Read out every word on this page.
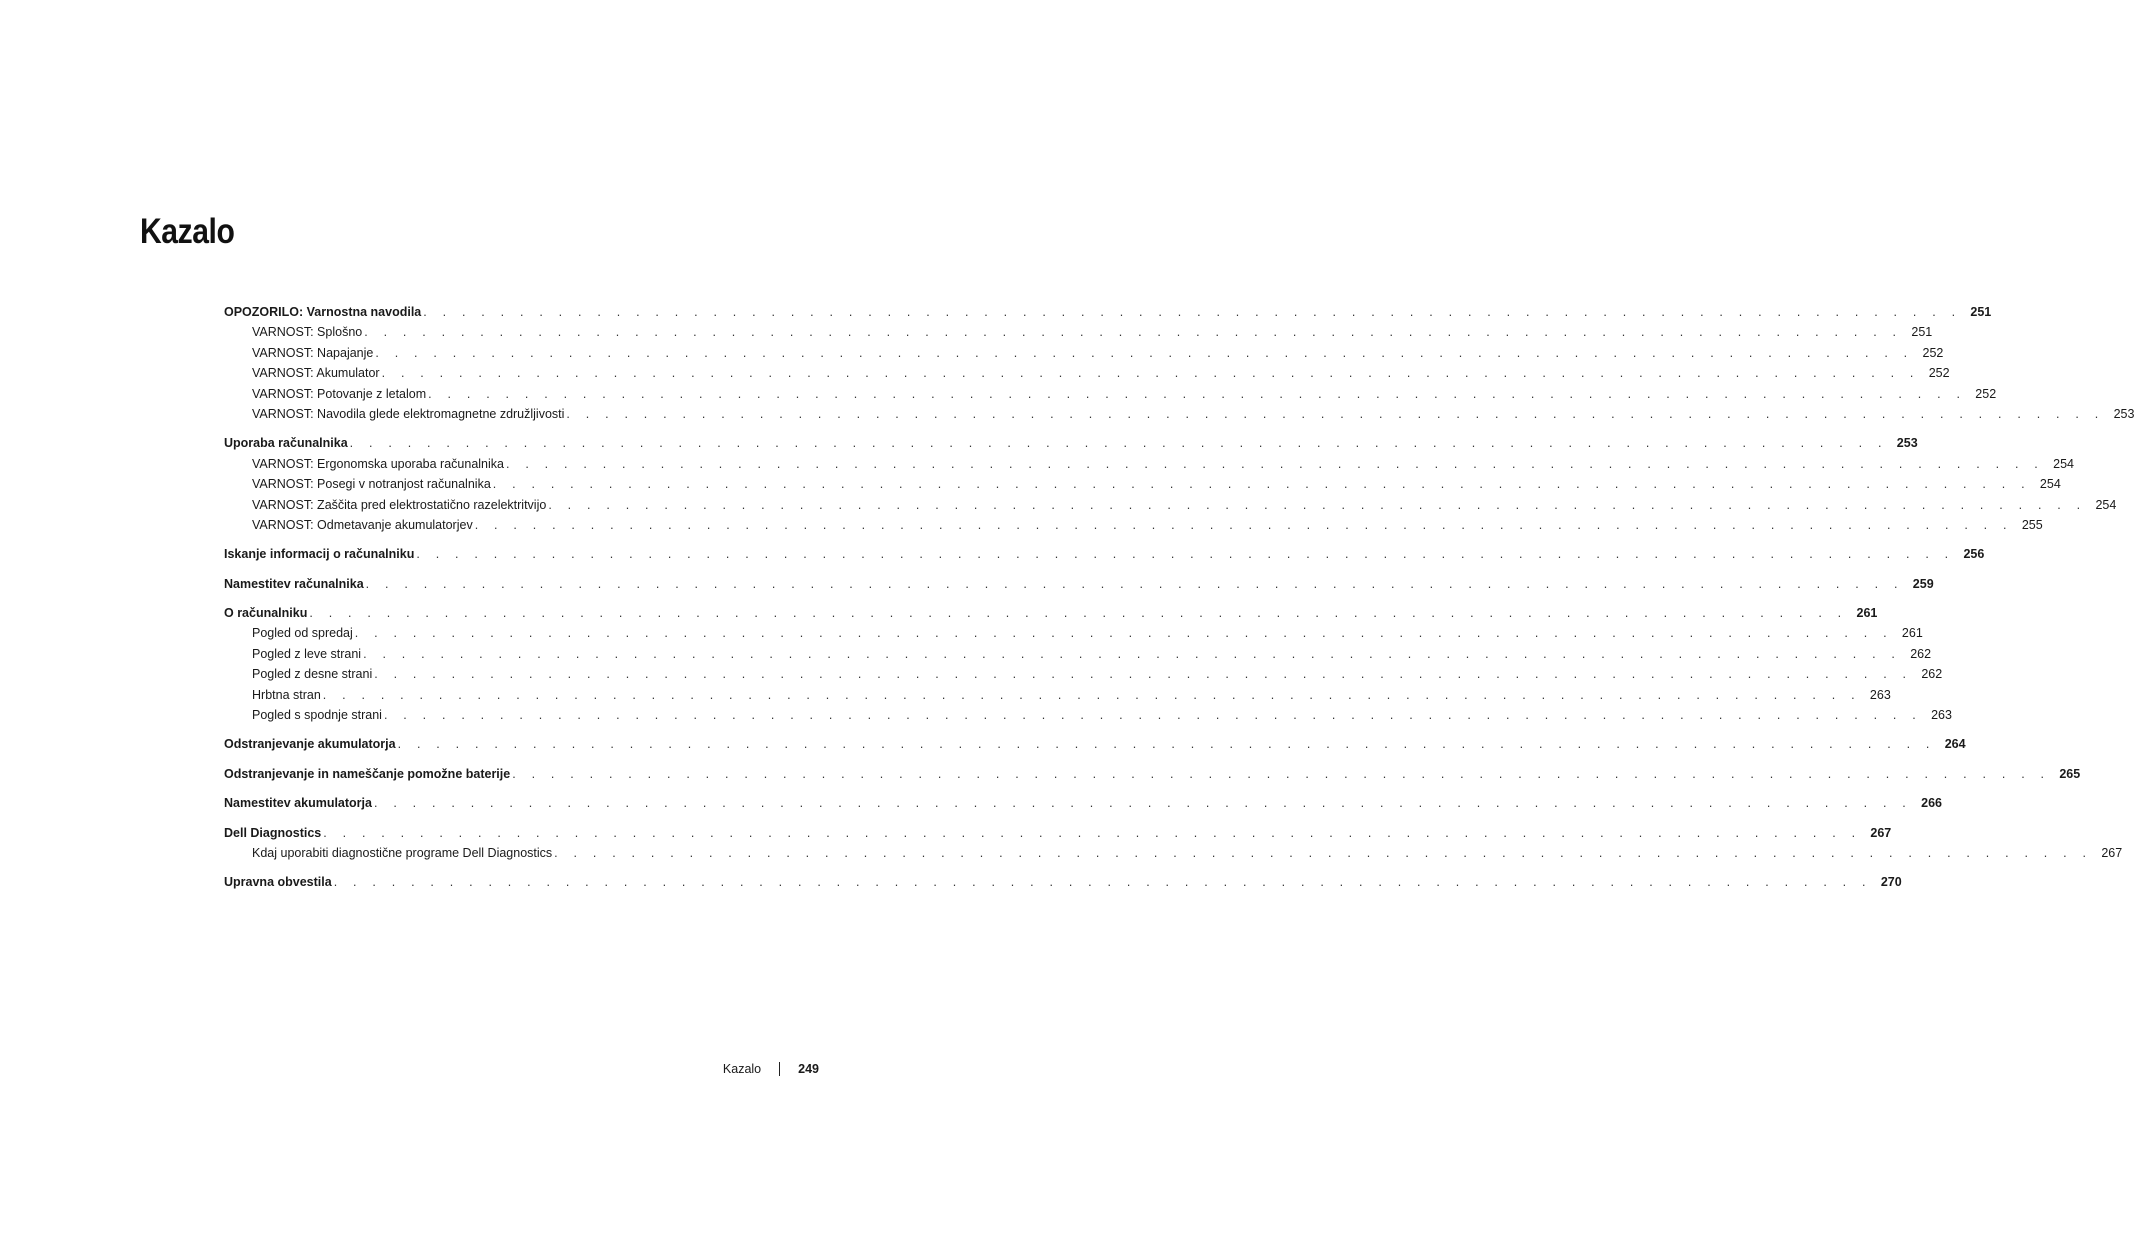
Kazalo
OPOZORILO: Varnostna navodila . . . . . . . . . . . . . . . . . . . . . . . . . . . . . . . . . . . . . . . . . . . . . . . . . . . . . . . . . . . . . . . . . . . . . . . . . . . . . . . . 251
VARNOST: Splošno . . . . . . . . . . . . . . . . . . . . . . . . . . . . . . . . . . . . . . . . . . . . . . . . . . . . . . . . . . . . . . . . . . . . . . . . . . . . . . . . 251
VARNOST: Napajanje . . . . . . . . . . . . . . . . . . . . . . . . . . . . . . . . . . . . . . . . . . . . . . . . . . . . . . . . . . . . . . . . . . . . . . . . . . . . . . . . 252
VARNOST: Akumulator . . . . . . . . . . . . . . . . . . . . . . . . . . . . . . . . . . . . . . . . . . . . . . . . . . . . . . . . . . . . . . . . . . . . . . . . . . . . . . . . 252
VARNOST: Potovanje z letalom . . . . . . . . . . . . . . . . . . . . . . . . . . . . . . . . . . . . . . . . . . . . . . . . . . . . . . . . . . . . . . . . . . . . . . . . . . . . . . . . 252
VARNOST: Navodila glede elektromagnetne združljivosti . . . . . . . . . . . . . . . . . . . . . . . . . . . . . . . . . . . . . . . . . . . . . . . . . . . . . . . . . . . . . . . . . . . . . . . . . . . . . . . . 253
Uporaba računalnika . . . . . . . . . . . . . . . . . . . . . . . . . . . . . . . . . . . . . . . . . . . . . . . . . . . . . . . . . . . . . . . . . . . . . . . . . . . . . . . . 253
VARNOST: Ergonomska uporaba računalnika . . . . . . . . . . . . . . . . . . . . . . . . . . . . . . . . . . . . . . . . . . . . . . . . . . . . . . . . . . . . . . . . . . . . . . . . . . . . . . . . 254
VARNOST: Posegi v notranjost računalnika . . . . . . . . . . . . . . . . . . . . . . . . . . . . . . . . . . . . . . . . . . . . . . . . . . . . . . . . . . . . . . . . . . . . . . . . . . . . . . . . 254
VARNOST: Zaščita pred elektrostatično razelektritvijo . . . . . . . . . . . . . . . . . . . . . . . . . . . . . . . . . . . . . . . . . . . . . . . . . . . . . . . . . . . . . . . . . . . . . . . . . . . . . . . . 254
VARNOST: Odmetavanje akumulatorjev . . . . . . . . . . . . . . . . . . . . . . . . . . . . . . . . . . . . . . . . . . . . . . . . . . . . . . . . . . . . . . . . . . . . . . . . . . . . . . . . 255
Iskanje informacij o računalniku . . . . . . . . . . . . . . . . . . . . . . . . . . . . . . . . . . . . . . . . . . . . . . . . . . . . . . . . . . . . . . . . . . . . . . . . . . . . . . . . 256
Namestitev računalnika . . . . . . . . . . . . . . . . . . . . . . . . . . . . . . . . . . . . . . . . . . . . . . . . . . . . . . . . . . . . . . . . . . . . . . . . . . . . . . . . 259
O računalniku . . . . . . . . . . . . . . . . . . . . . . . . . . . . . . . . . . . . . . . . . . . . . . . . . . . . . . . . . . . . . . . . . . . . . . . . . . . . . . . . 261
Pogled od spredaj . . . . . . . . . . . . . . . . . . . . . . . . . . . . . . . . . . . . . . . . . . . . . . . . . . . . . . . . . . . . . . . . . . . . . . . . . . . . . . . . 261
Pogled z leve strani . . . . . . . . . . . . . . . . . . . . . . . . . . . . . . . . . . . . . . . . . . . . . . . . . . . . . . . . . . . . . . . . . . . . . . . . . . . . . . . . 262
Pogled z desne strani . . . . . . . . . . . . . . . . . . . . . . . . . . . . . . . . . . . . . . . . . . . . . . . . . . . . . . . . . . . . . . . . . . . . . . . . . . . . . . . . 262
Hrbtna stran . . . . . . . . . . . . . . . . . . . . . . . . . . . . . . . . . . . . . . . . . . . . . . . . . . . . . . . . . . . . . . . . . . . . . . . . . . . . . . . . 263
Pogled s spodnje strani . . . . . . . . . . . . . . . . . . . . . . . . . . . . . . . . . . . . . . . . . . . . . . . . . . . . . . . . . . . . . . . . . . . . . . . . . . . . . . . . 263
Odstranjevanje akumulatorja . . . . . . . . . . . . . . . . . . . . . . . . . . . . . . . . . . . . . . . . . . . . . . . . . . . . . . . . . . . . . . . . . . . . . . . . . . . . . . . . 264
Odstranjevanje in nameščanje pomožne baterije . . . . . . . . . . . . . . . . . . . . . . . . . . . . . . . . . . . . . . . . . . . . . . . . . . . . . . . . . . . . . . . . . . . . . . . . . . . . . . . . 265
Namestitev akumulatorja . . . . . . . . . . . . . . . . . . . . . . . . . . . . . . . . . . . . . . . . . . . . . . . . . . . . . . . . . . . . . . . . . . . . . . . . . . . . . . . . 266
Dell Diagnostics . . . . . . . . . . . . . . . . . . . . . . . . . . . . . . . . . . . . . . . . . . . . . . . . . . . . . . . . . . . . . . . . . . . . . . . . . . . . . . . . 267
Kdaj uporabiti diagnostične programe Dell Diagnostics . . . . . . . . . . . . . . . . . . . . . . . . . . . . . . . . . . . . . . . . . . . . . . . . . . . . . . . . . . . . . . . . . . . . . . . . . . . . . . . . 267
Upravna obvestila . . . . . . . . . . . . . . . . . . . . . . . . . . . . . . . . . . . . . . . . . . . . . . . . . . . . . . . . . . . . . . . . . . . . . . . . . . . . . . . . 270
Kazalo	249
